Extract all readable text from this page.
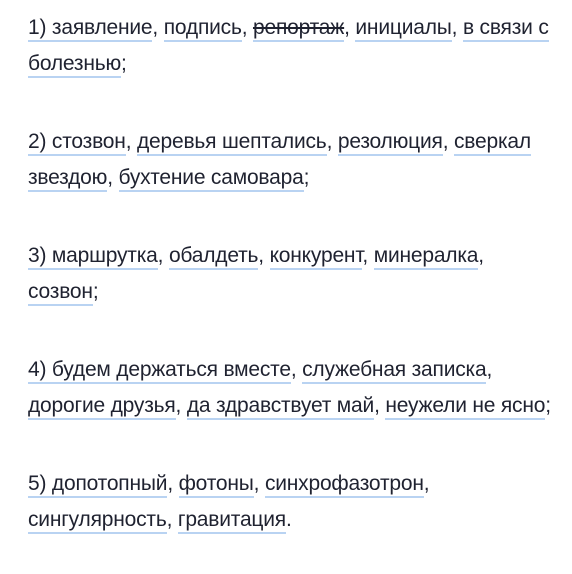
1) заявление, подпись, репортаж, инициалы, в связи с болезнью;

2) стозвон, деревья шептались, резолюция, сверкал звездою, бухтение самовара;

3) маршрутка, обалдеть, конкурент, минералка, созвон;

4) будем держаться вместе, служебная записка, дорогие друзья, да здравствует май, неужели не ясно;

5) допотопный, фотоны, синхрофазотрон, сингулярность, гравитация.
